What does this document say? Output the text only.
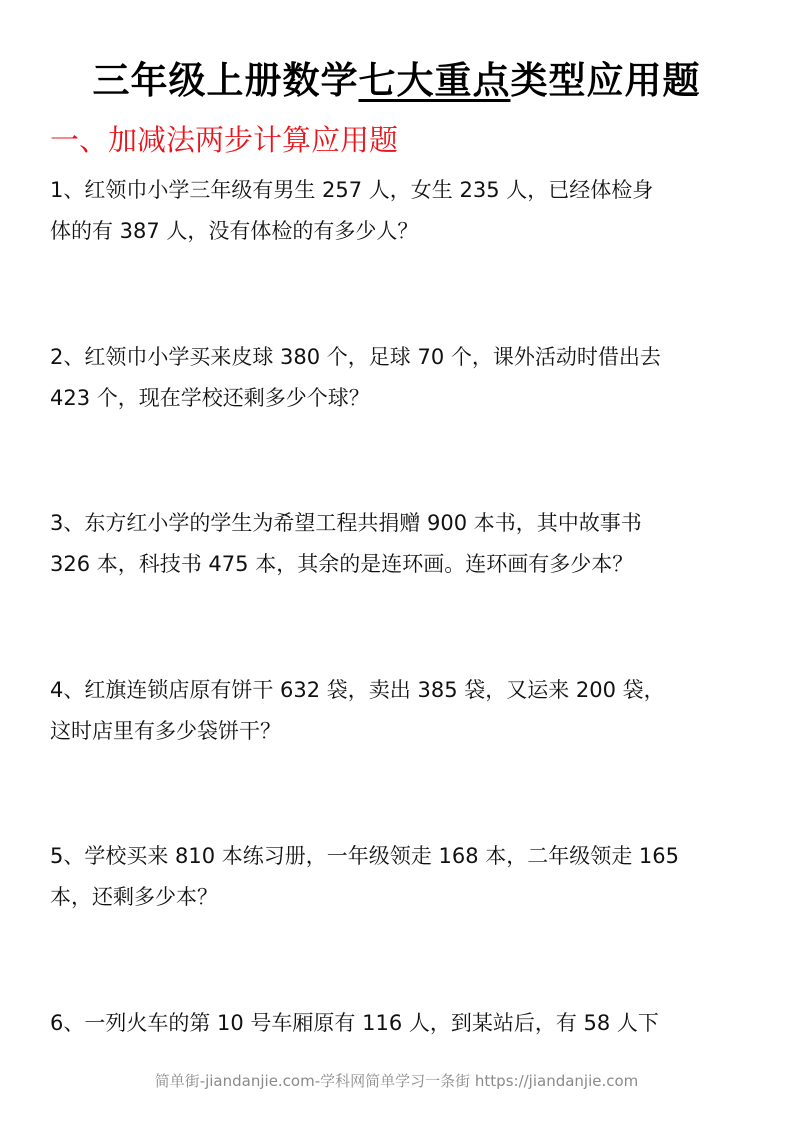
三年级上册数学七大重点类型应用题
一、加减法两步计算应用题

1、红领巾小学三年级有男生 257 人，女生 235 人，已经体检身
体的有 387 人，没有体检的有多少人？

2、红领巾小学买来皮球 380 个，足球 70 个，课外活动时借出去
423 个，现在学校还剩多少个球？

3、东方红小学的学生为希望工程共捐赠 900 本书，其中故事书
326 本，科技书 475 本，其余的是连环画。连环画有多少本？

4、红旗连锁店原有饼干 632 袋，卖出 385 袋，又运来 200 袋，
这时店里有多少袋饼干？

5、学校买来 810 本练习册，一年级领走 168 本，二年级领走 165
本，还剩多少本？

6、一列火车的第 10 号车厢原有 116 人，到某站后，有 58 人下

简单街-jiandanjie.com-学科网简单学习一条街 https://jiandanjie.com
